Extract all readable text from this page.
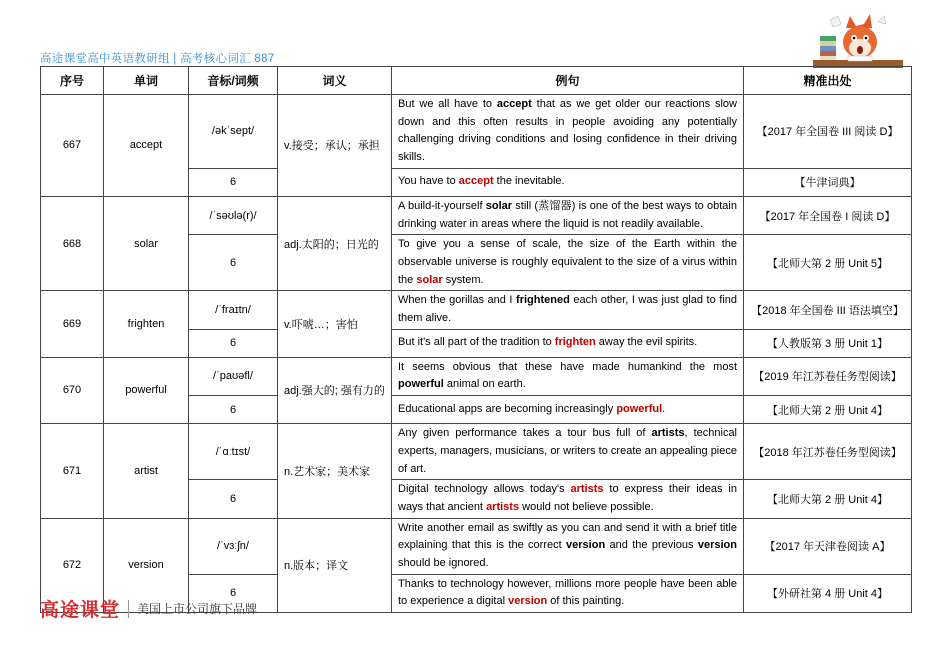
高途课堂高中英语教研组 | 高考核心词汇 887
序号	单词	音标/词频	词义	例句	精准出处
667	accept	/əkˈsept/	v.接受；承认；承担	But we all have to accept that as we get older our reactions slow down and this often results in people avoiding any potentially challenging driving conditions and losing confidence in their driving skills.	【2017 年全国卷 III 阅读 D】
		6		You have to accept the inevitable.	【牛津词典】
668	solar	/ˈsəʊlə(r)/	adj.太阳的；日光的	A build-it-yourself solar still (蒸馏器) is one of the best ways to obtain drinking water in areas where the liquid is not readily available.	【2017 年全国卷 I 阅读 D】
		6		To give you a sense of scale, the size of the Earth within the observable universe is roughly equivalent to the size of a virus within the solar system.	【北师大第 2 册 Unit 5】
669	frighten	/ˈfraɪtn/	v.吓唬…；害怕	When the gorillas and I frightened each other, I was just glad to find them alive.	【2018 年全国卷 III 语法填空】
		6		But it's all part of the tradition to frighten away the evil spirits.	【人教版第 3 册 Unit 1】
670	powerful	/ˈpaʊəfl/	adj.强大的; 强有力的	It seems obvious that these have made humankind the most powerful animal on earth.	【2019 年江苏卷任务型阅读】
		6		Educational apps are becoming increasingly powerful.	【北师大第 2 册 Unit 4】
671	artist	/ˈɑːtɪst/	n.艺术家；美术家	Any given performance takes a tour bus full of artists, technical experts, managers, musicians, or writers to create an appealing piece of art.	【2018 年江苏卷任务型阅读】
		6		Digital technology allows today's artists to express their ideas in ways that ancient artists would not believe possible.	【北师大第 2 册 Unit 4】
672	version	/ˈvɜːʃn/	n.版本；译文	Write another email as swiftly as you can and send it with a brief title explaining that this is the correct version and the previous version should be ignored.	【2017 年天津卷阅读 A】
		6		Thanks to technology however, millions more people have been able to experience a digital version of this painting.	【外研社第 4 册 Unit 4】
高途课堂 美国上市公司旗下品牌
